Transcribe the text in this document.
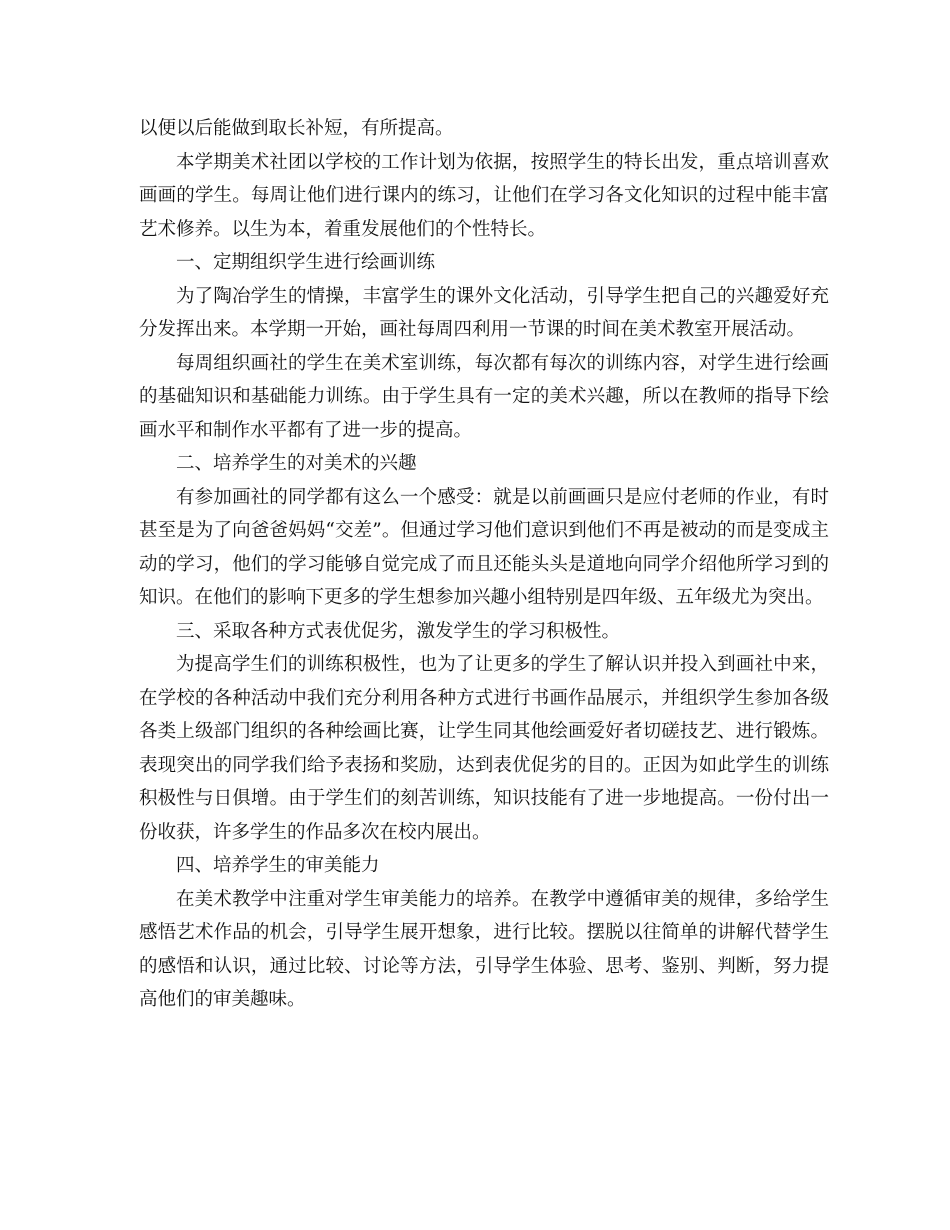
以便以后能做到取长补短，有所提高。

本学期美术社团以学校的工作计划为依据，按照学生的特长出发，重点培训喜欢画画的学生。每周让他们进行课内的练习，让他们在学习各文化知识的过程中能丰富艺术修养。以生为本，着重发展他们的个性特长。

一、定期组织学生进行绘画训练

为了陶冶学生的情操，丰富学生的课外文化活动，引导学生把自己的兴趣爱好充分发挥出来。本学期一开始，画社每周四利用一节课的时间在美术教室开展活动。

每周组织画社的学生在美术室训练，每次都有每次的训练内容，对学生进行绘画的基础知识和基础能力训练。由于学生具有一定的美术兴趣，所以在教师的指导下绘画水平和制作水平都有了进一步的提高。

二、培养学生的对美术的兴趣

有参加画社的同学都有这么一个感受：就是以前画画只是应付老师的作业，有时甚至是为了向爸爸妈妈“交差”。但通过学习他们意识到他们不再是被动的而是变成主动的学习，他们的学习能够自觉完成了而且还能头头是道地向同学介绍他所学习到的知识。在他们的影响下更多的学生想参加兴趣小组特别是四年级、五年级尤为突出。

三、采取各种方式表优促劣，激发学生的学习积极性。

为提高学生们的训练积极性，也为了让更多的学生了解认识并投入到画社中来，在学校的各种活动中我们充分利用各种方式进行书画作品展示，并组织学生参加各级各类上级部门组织的各种绘画比赛，让学生同其他绘画爱好者切磋技艺、进行锻炼。表现突出的同学我们给予表扬和奖励，达到表优促劣的目的。正因为如此学生的训练积极性与日俱增。由于学生们的刻苦训练，知识技能有了进一步地提高。一份付出一份收获，许多学生的作品多次在校内展出。

四、培养学生的审美能力

在美术教学中注重对学生审美能力的培养。在教学中遵循审美的规律，多给学生感悟艺术作品的机会，引导学生展开想象，进行比较。摆脱以往简单的讲解代替学生的感悟和认识，通过比较、讨论等方法，引导学生体验、思考、鉴别、判断，努力提高他们的审美趣味。
